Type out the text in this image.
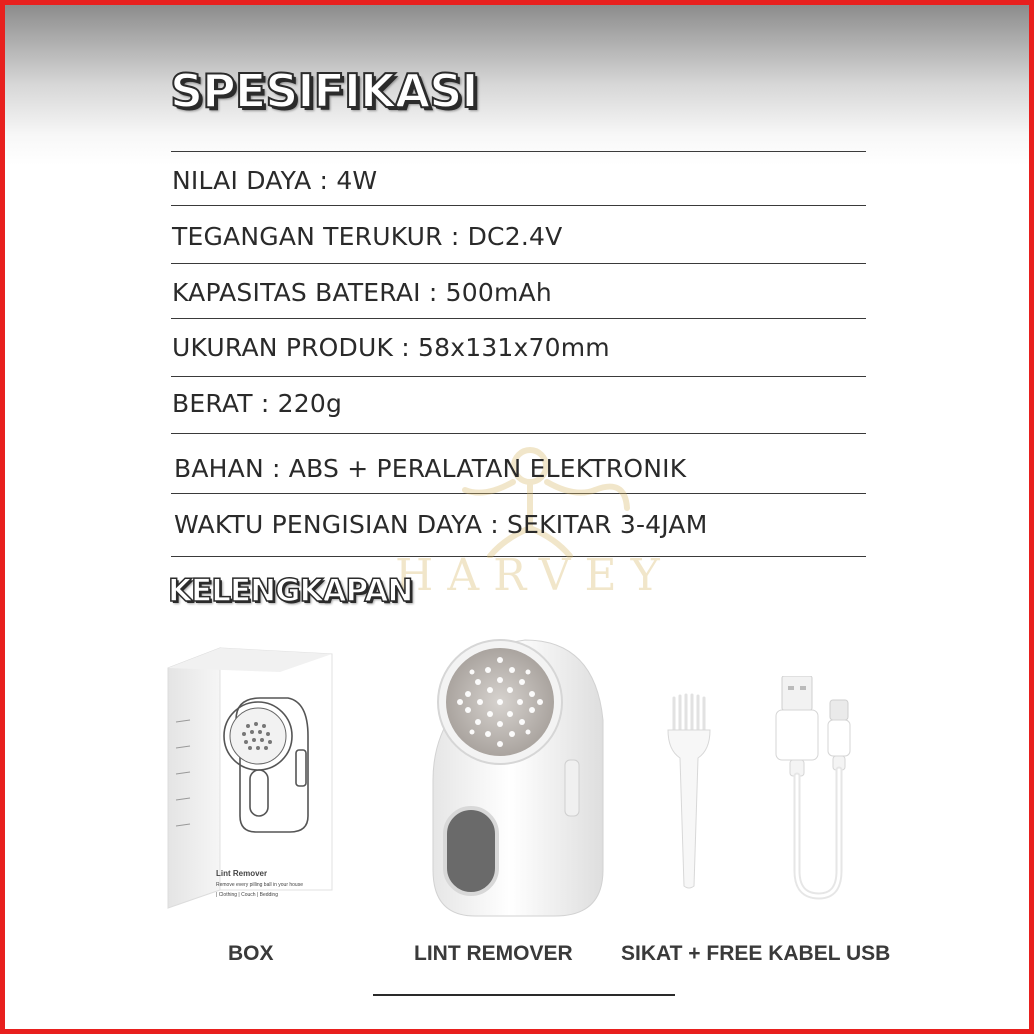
SPESIFIKASI
HARVEY
NILAI DAYA : 4W
TEGANGAN TERUKUR : DC2.4V
KAPASITAS BATERAI : 500mAh
UKURAN PRODUK : 58x131x70mm
BERAT : 220g
BAHAN : ABS + PERALATAN ELEKTRONIK
WAKTU PENGISIAN DAYA : SEKITAR 3-4JAM
KELENGKAPAN
Lint Remover
Remove every pilling ball in your house
| Clothing | Couch | Bedding
BOX	LINT REMOVER SIKAT + FREE KABEL USB
